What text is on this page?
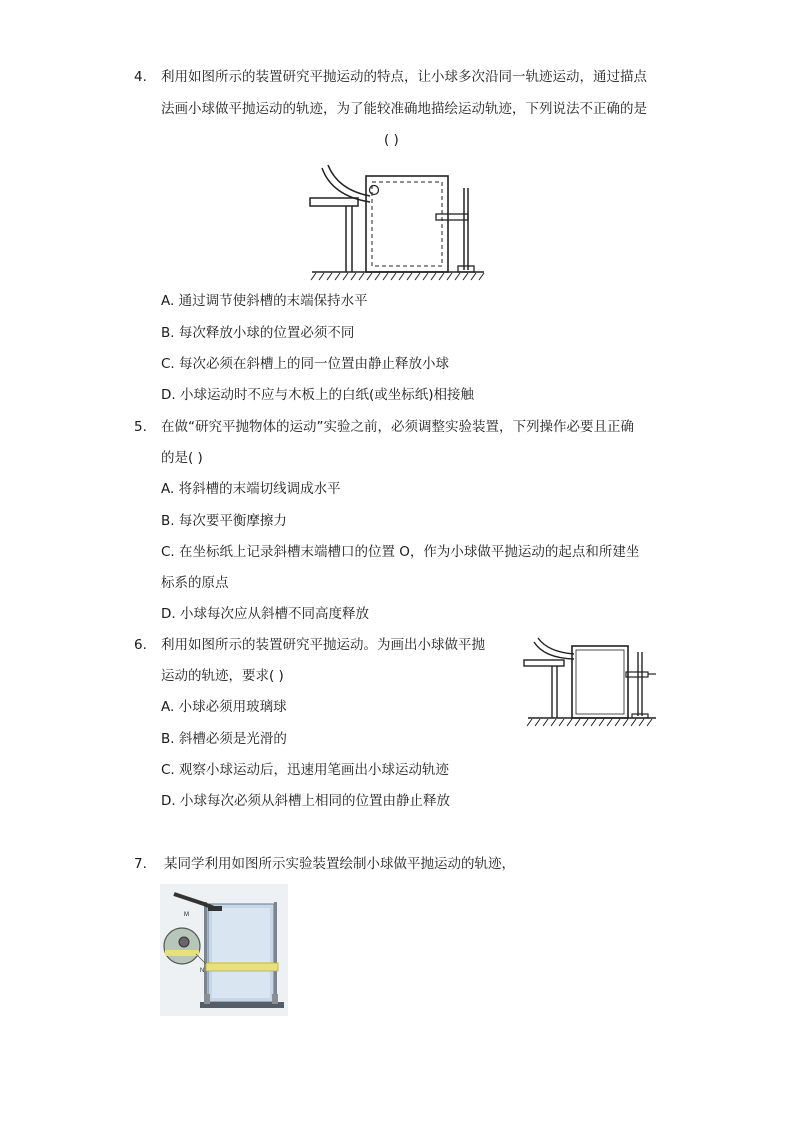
4. 利用如图所示的装置研究平抛运动的特点，让小球多次沿同一轨迹运动，通过描点
法画小球做平抛运动的轨迹，为了能较准确地描绘运动轨迹，下列说法不正确的是
( )
A. 通过调节使斜槽的末端保持水平
B. 每次释放小球的位置必须不同
C. 每次必须在斜槽上的同一位置由静止释放小球
D. 小球运动时不应与木板上的白纸(或坐标纸)相接触
5. 在做“研究平抛物体的运动”实验之前，必须调整实验装置，下列操作必要且正确
的是( )
A. 将斜槽的末端切线调成水平
B. 每次要平衡摩擦力
C. 在坐标纸上记录斜槽末端槽口的位置 O，作为小球做平抛运动的起点和所建坐
标系的原点
D. 小球每次应从斜槽不同高度释放
6. 利用如图所示的装置研究平抛运动。为画出小球做平抛
运动的轨迹，要求( )
A. 小球必须用玻璃球
B. 斜槽必须是光滑的
C. 观察小球运动后，迅速用笔画出小球运动轨迹
D. 小球每次必须从斜槽上相同的位置由静止释放
7. 某同学利用如图所示实验装置绘制小球做平抛运动的轨迹，
M
N
